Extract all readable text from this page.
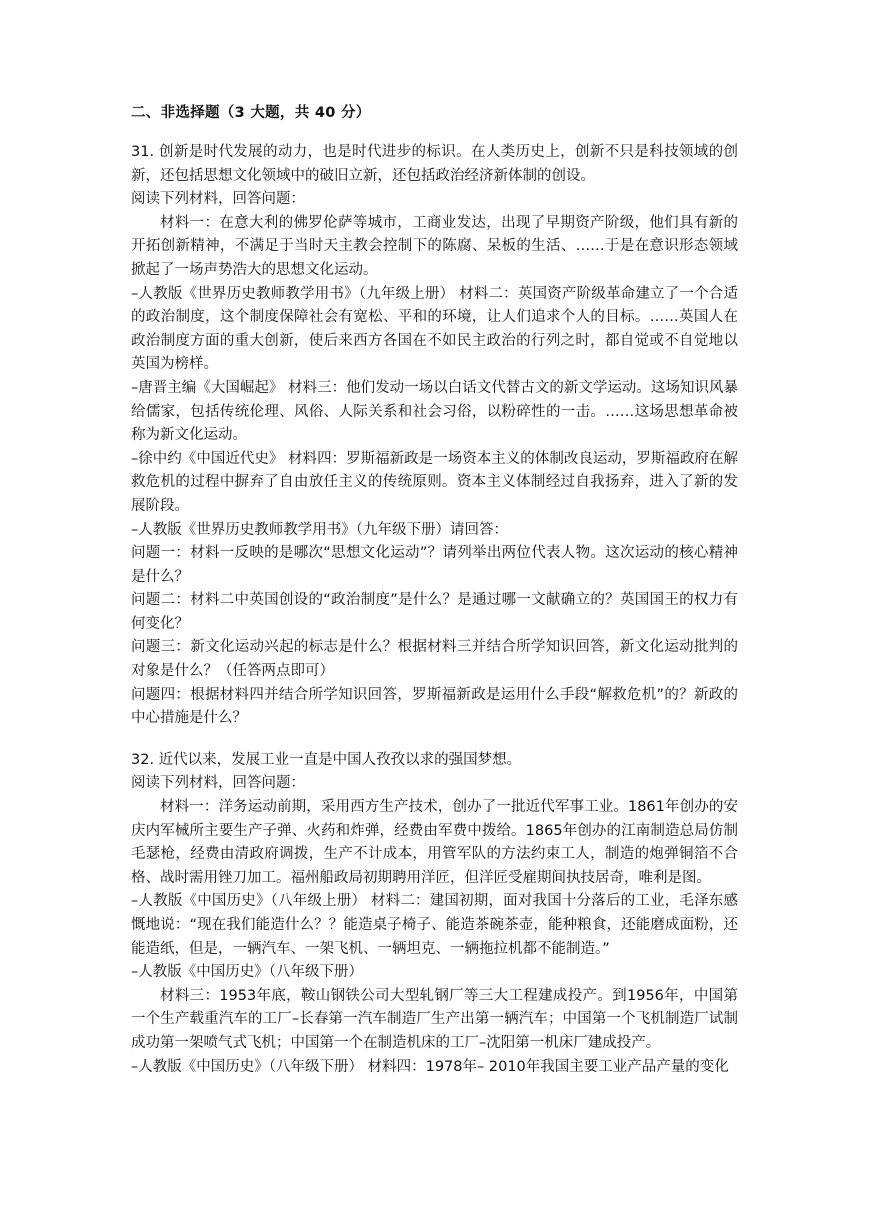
二、非选择题（3 大题，共 40 分）

31. 创新是时代发展的动力，也是时代进步的标识。在人类历史上，创新不只是科技领域的创新，还包括思想文化领域中的破旧立新，还包括政治经济新体制的创设。

阅读下列材料，回答问题：

材料一：在意大利的佛罗伦萨等城市，工商业发达，出现了早期资产阶级，他们具有新的开拓创新精神，不满足于当时天主教会控制下的陈腐、呆板的生活、……于是在意识形态领域掀起了一场声势浩大的思想文化运动。

–人教版《世界历史教师教学用书》（九年级上册） 材料二：英国资产阶级革命建立了一个合适的政治制度，这个制度保障社会有宽松、平和的环境，让人们追求个人的目标。……英国人在政治制度方面的重大创新，使后来西方各国在不如民主政治的行列之时，都自觉或不自觉地以英国为榜样。

–唐晋主编《大国崛起》 材料三：他们发动一场以白话文代替古文的新文学运动。这场知识风暴给儒家，包括传统伦理、风俗、人际关系和社会习俗，以粉碎性的一击。……这场思想革命被称为新文化运动。

–徐中约《中国近代史》 材料四：罗斯福新政是一场资本主义的体制改良运动，罗斯福政府在解救危机的过程中摒弃了自由放任主义的传统原则。资本主义体制经过自我扬弃，进入了新的发展阶段。

–人教版《世界历史教师教学用书》（九年级下册）请回答：

问题一：材料一反映的是哪次“思想文化运动”？请列举出两位代表人物。这次运动的核心精神是什么？

问题二：材料二中英国创设的“政治制度”是什么？是通过哪一文献确立的？英国国王的权力有何变化？

问题三：新文化运动兴起的标志是什么？根据材料三并结合所学知识回答，新文化运动批判的对象是什么？（任答两点即可）

问题四：根据材料四并结合所学知识回答，罗斯福新政是运用什么手段“解救危机”的？新政的中心措施是什么？

32. 近代以来，发展工业一直是中国人孜孜以求的强国梦想。

阅读下列材料，回答问题：

材料一：洋务运动前期，采用西方生产技术，创办了一批近代军事工业。1861年创办的安庆内军械所主要生产子弹、火药和炸弹，经费由军费中拨给。1865年创办的江南制造总局仿制毛瑟枪，经费由清政府调拨，生产不计成本，用管军队的方法约束工人，制造的炮弹铜箔不合格、战时需用锉刀加工。福州船政局初期聘用洋匠，但洋匠受雇期间执技居奇，唯利是图。

–人教版《中国历史》（八年级上册） 材料二：建国初期，面对我国十分落后的工业，毛泽东感慨地说：“现在我们能造什么？？能造桌子椅子、能造茶碗茶壶，能种粮食，还能磨成面粉，还能造纸，但是，一辆汽车、一架飞机、一辆坦克、一辆拖拉机都不能制造。”

–人教版《中国历史》（八年级下册）

材料三：1953年底，鞍山钢铁公司大型轧钢厂等三大工程建成投产。到1956年，中国第一个生产载重汽车的工厂–长春第一汽车制造厂生产出第一辆汽车；中国第一个飞机制造厂试制成功第一架喷气式飞机；中国第一个在制造机床的工厂–沈阳第一机床厂建成投产。

–人教版《中国历史》（八年级下册） 材料四：1978年– 2010年我国主要工业产品产量的变化
